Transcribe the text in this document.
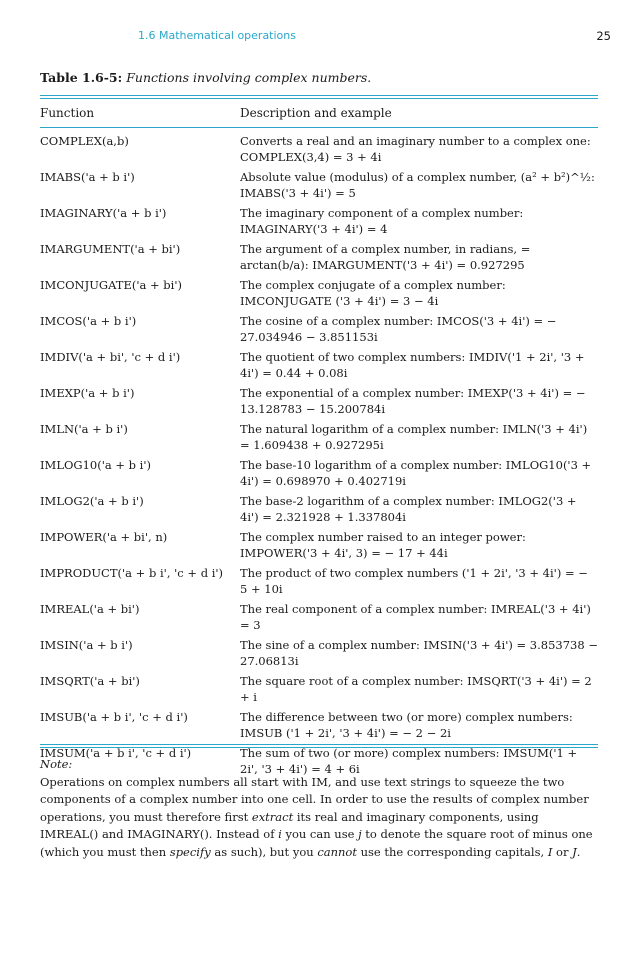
1.6 Mathematical operations	25
Table 1.6-5: Functions involving complex numbers.
Function	Description and example
COMPLEX(a,b)	Converts a real and an imaginary number to a complex one: COMPLEX(3,4) = 3 + 4i
IMABS('a + b i')	Absolute value (modulus) of a complex number, (a² + b²)^½: IMABS('3 + 4i') = 5
IMAGINARY('a + b i')	The imaginary component of a complex number: IMAGINARY('3 + 4i') = 4
IMARGUMENT('a + bi')	The argument of a complex number, in radians, = arctan(b/a): IMARGUMENT('3 + 4i') = 0.927295
IMCONJUGATE('a + bi')	The complex conjugate of a complex number: IMCONJUGATE ('3 + 4i') = 3 − 4i
IMCOS('a + b i')	The cosine of a complex number: IMCOS('3 + 4i') = − 27.034946 − 3.851153i
IMDIV('a + bi', 'c + d i')	The quotient of two complex numbers: IMDIV('1 + 2i', '3 + 4i') = 0.44 + 0.08i
IMEXP('a + b i')	The exponential of a complex number: IMEXP('3 + 4i') = − 13.128783 − 15.200784i
IMLN('a + b i')	The natural logarithm of a complex number: IMLN('3 + 4i') = 1.609438 + 0.927295i
IMLOG10('a + b i')	The base-10 logarithm of a complex number: IMLOG10('3 + 4i') = 0.698970 + 0.402719i
IMLOG2('a + b i')	The base-2 logarithm of a complex number: IMLOG2('3 + 4i') = 2.321928 + 1.337804i
IMPOWER('a + bi', n)	The complex number raised to an integer power: IMPOWER('3 + 4i', 3) = − 17 + 44i
IMPRODUCT('a + b i', 'c + d i')	The product of two complex numbers ('1 + 2i', '3 + 4i') = − 5 + 10i
IMREAL('a + bi')	The real component of a complex number: IMREAL('3 + 4i') = 3
IMSIN('a + b i')	The sine of a complex number: IMSIN('3 + 4i') = 3.853738 − 27.06813i
IMSQRT('a + bi')	The square root of a complex number: IMSQRT('3 + 4i') = 2 + i
IMSUB('a + b i', 'c + d i')	The difference between two (or more) complex numbers: IMSUB ('1 + 2i', '3 + 4i') = − 2 − 2i
IMSUM('a + b i', 'c + d i')	The sum of two (or more) complex numbers: IMSUM('1 + 2i', '3 + 4i') = 4 + 6i
Note:
Operations on complex numbers all start with IM, and use text strings to squeeze the two components of a complex number into one cell. In order to use the results of complex number operations, you must therefore first extract its real and imaginary components, using IMREAL() and IMAGINARY(). Instead of i you can use j to denote the square root of minus one (which you must then specify as such), but you cannot use the corresponding capitals, I or J.
